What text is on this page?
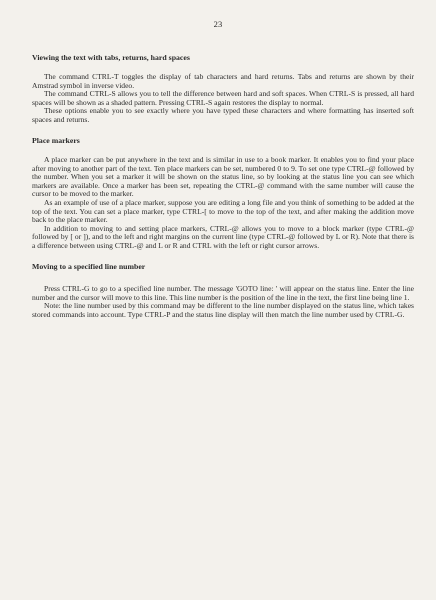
23
Viewing the text with tabs, returns, hard spaces

The command CTRL-T toggles the display of tab characters and hard returns. Tabs and returns are shown by their Amstrad symbol in inverse video.

The command CTRL-S allows you to tell the difference between hard and soft spaces. When CTRL-S is pressed, all hard spaces will be shown as a shaded pattern. Pressing CTRL-S again restores the display to normal.

These options enable you to see exactly where you have typed these characters and where formatting has inserted soft spaces and returns.

Place markers

A place marker can be put anywhere in the text and is similar in use to a book marker. It enables you to find your place after moving to another part of the text. Ten place markers can be set, numbered 0 to 9. To set one type CTRL-@ followed by the number. When you set a marker it will be shown on the status line, so by looking at the status line you can see which markers are available. Once a marker has been set, repeating the CTRL-@ command with the same number will cause the cursor to be moved to the marker.

As an example of use of a place marker, suppose you are editing a long file and you think of something to be added at the top of the text. You can set a place marker, type CTRL-[ to move to the top of the text, and after making the addition move back to the place marker.

In addition to moving to and setting place markers, CTRL-@ allows you to move to a block marker (type CTRL-@ followed by [ or ]), and to the left and right margins on the current line (type CTRL-@ followed by L or R). Note that there is a difference between using CTRL-@ and L or R and CTRL with the left or right cursor arrows.

Moving to a specified line number

Press CTRL-G to go to a specified line number. The message 'GOTO line: ' will appear on the status line. Enter the line number and the cursor will move to this line. This line number is the position of the line in the text, the first line being line 1.

Note: the line number used by this command may be different to the line number displayed on the status line, which takes stored commands into account. Type CTRL-P and the status line display will then match the line number used by CTRL-G.
